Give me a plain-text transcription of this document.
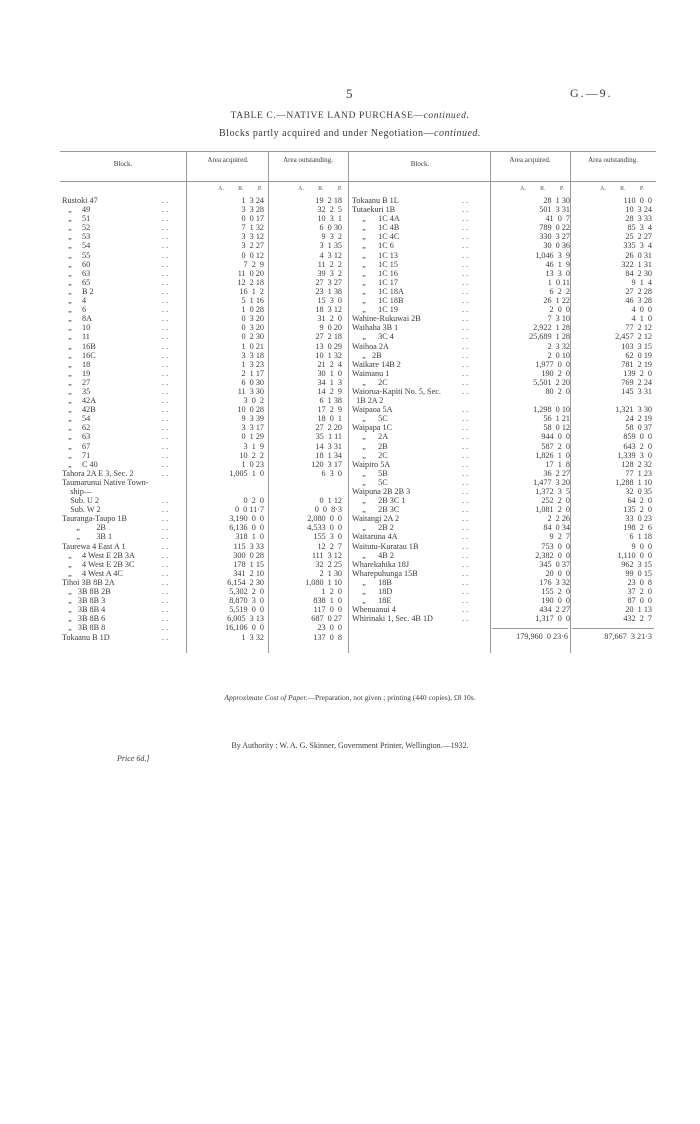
5	G.—9.
TABLE C.—NATIVE LAND PURCHASE—continued.
Blocks partly acquired and under Negotiation—continued.
Block.	Area acquired.	Area outstanding.	Block.	Area acquired.	Area outstanding.
A. R. P.	A. R. P.	A. R. P.	A. R. P.
Rustoki 47	. .	1  3 24	19  2 18
„     49	. .	3  3 28	32  2  5
„     51	. .	0  0 17	10  3  1
„     52	. .	7  1 32	6  0 30
„     53	. .	3  3 12	9  3  2
„     54	. .	3  2 27	3  1 35
„     55	. .	0  0 12	4  3 12
„     60	. .	7  2  9	11  2  2
„     63	. .	11  0 20	39  3  2
„     65	. .	12  2 18	27  3 27
„     B 2	. .	16  1  2	23  1 38
„     4	. .	5  1 16	15  3  0
„     6	. .	1  0 28	18  3 12
„     8A	. .	0  3 20	31  2  0
„     10	. .	0  3 20	9  0 20
„     11	. .	0  2 30	27  2 18
„     16B	. .	1  0 21	13  0 29
„     16C	. .	3  3 18	10  1 32
„     18	. .	1  3 23	21  2  4
„     19	. .	2  1 17	30  1  0
„     27	. .	6  0 30	34  1  3
„     35	. .	11  3 30	14  2  9
„     42A	. .	3  0  2	6  1 38
„     42B	. .	10  0 28	17  2  9
„     54	. .	9  3 39	18  0  1
„     62	. .	3  3 17	27  2 20
„     63	. .	0  1 29	35  1 11
„     67	. .	3  1  9	14  3 31
„     71	. .	10  2  2	18  1 34
„     C 40	. .	1  0 23	120  3 17
Tahora 2A E 3, Sec. 2	. .	1,005  1  0	6  3  0
Taumarunui Native Town-
ship—
Sub. U 2	. .	0  2  0	0  1 12
Sub. W 2	. .	0  0 11·7	0  0  8·3
Tauranga-Taupo 1B	. .	3,190  0  0	2,080  0  0
„        2B	. .	6,136  0  0	4,533  0  0
„        3B 1	. .	318  1  0	155  3  0
Taurewa 4 East A 1	. .	115  3 33	12  2  7
„     4 West E 2B 3A	. .	300  0 28	111  3 12
„     4 West E 2B 3C	. .	178  1 15	32  2 25
„     4 West A 4C	. .	341  2 10	2  1 30
Tihoi 3B 8B 2A	. .	6,154  2 30	1,080  1 10
„   3B 8B 2B	. .	5,302  2  0	1  2  0
„   3B 8B 3	. .	8,870  3  0	838  1  0
„   3B 8B 4	. .	5,519  0  0	117  0  0
„   3B 8B 6	. .	6,005  3 13	687  0 27
„   3B 8B 8	. .	16,106  0  0	23  0  0
Tokaanu B 1D	. .	1  3 32	137  0  8
Tokaanu B 1L	. .	28  1 30	110  0  0
Tutaekuri 1B	. .	501  3 31	10  3 24
„      1C 4A	. .	41  0  7	28  3 33
„      1C 4B	. .	789  0 22	85  3  4
„      1C 4C	. .	330  3 27	25  2 27
„      1C 6	. .	30  0 36	335  3  4
„      1C 13	. .	1,046  3  9	26  0 31
„      1C 15	. .	46  1  9	322  1 31
„      1C 16	. .	13  3  0	84  2 30
„      1C 17	. .	1  0 11	9  1  4
„      1C 18A	. .	6  2  2	27  2 28
„      1C 18B	. .	26  1 22	46  3 28
„      1C 19	. .	2  0  0	4  0  0
Wahine-Rukuwai 2B	. .	7  3 10	4  1  0
Waihaha 3B 1	. .	2,922  1 28	77  2 12
„      3C 4	. .	25,689  1 28	2,457  2 12
Waihoa 2A	. .	2  3 32	103  3 15
„   2B	. .	2  0 10	62  0 19
Waikare 14B 2	. .	1,977  0  0	781  2 19
Waimanu 1	. .	190  2  0	139  2  0
„      2C	. .	5,501  2 20	769  2 24
Waiorua-Kapiti No. 5, Sec.	. .	80  2  0	145  3 31
1B 2A 2
Waipaoa 5A	. .	1,298  0 10	1,321  3 30
„      5C	. .	56  1 21	24  2 19
Waipapa 1C	. .	58  0 12	58  0 37
„      2A	. .	944  0  0	859  0  0
„      2B	. .	587  2  0	643  2  0
„      2C	. .	1,826  1  0	1,339  3  0
Waipiro 5A	. .	17  1  8	128  2 32
„      5B	. .	36  2 27	77  1 23
„      5C	. .	1,477  3 20	1,288  1 10
Waipuna 2B 2B 3	. .	1,372  3  5	32  0 35
„      2B 3C 1	. .	252  2  0	64  2  0
„      2B 3C	. .	1,081  2  0	135  2  0
Waitangi 2A 2	. .	2  2 26	33  0 23
„      2B 2	. .	84  0 34	198  2  6
Waitaruna 4A	. .	9  2  7	6  1 18
Waitutu-Kuratau 1B	. .	753  0  0	9  0  0
„      4B 2	. .	2,382  0  0	1,110  0  0
Wharekahika 18J	. .	345  0 37	962  3 15
Wharepuhunga 15B	. .	20  0  0	99  0 15
„      18B	. .	176  3 32	23  0  8
„      18D	. .	155  2  0	37  2  0
„      18E	. .	190  0  0	87  0  0
Whenuanui 4	. .	434  2 27	20  1 13
Whirinaki 1, Sec. 4B 1D	. .	1,317  0  0	432  2  7
179,960  0 23·6	87,667  3 21·3
Approximate Cost of Paper.—Preparation, not given ; printing (440 copies), £8 10s.
By Authority : W. A. G. Skinner, Government Printer, Wellington.—1932.
Price 6d.]
